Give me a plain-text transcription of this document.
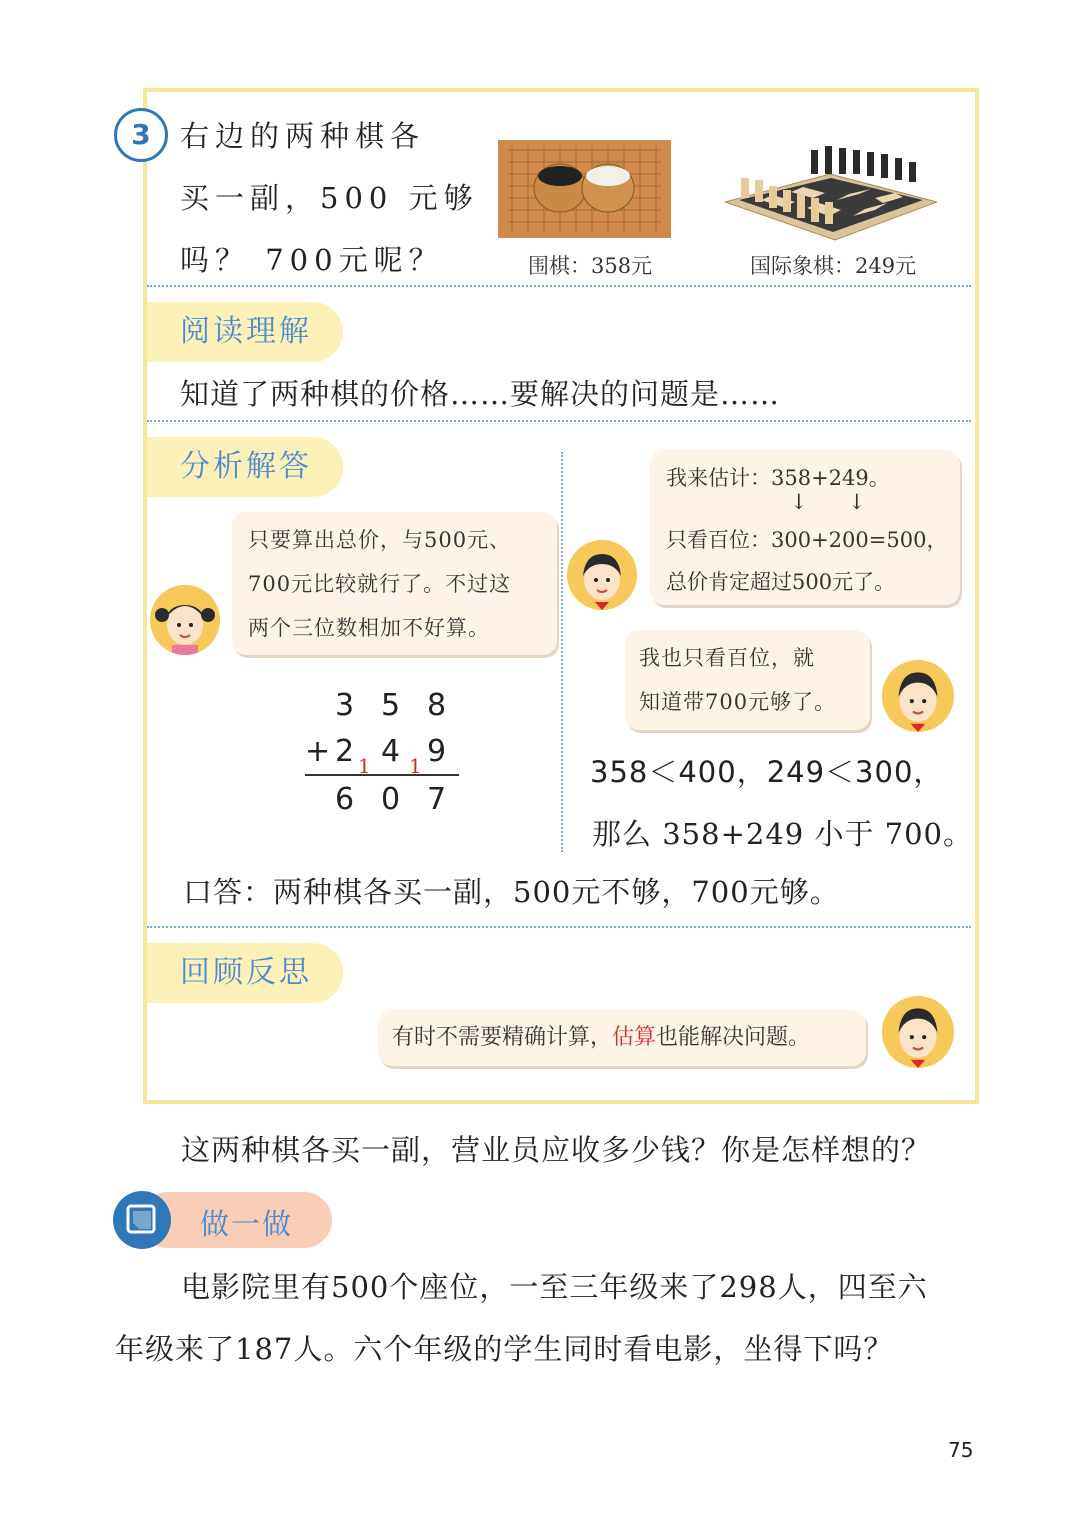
3	右边的两种棋各
买一副，500 元够
吗？ 700元呢？	围棋：358元	国际象棋：249元
阅读理解
知道了两种棋的价格……要解决的问题是……
分析解答
只要算出总价，与500元、
700元比较就行了。不过这
两个三位数相加不好算。
3 5 8
+ 2 1 4 1 9
6 0 7
我来估计：358+249。
↓ ↓
只看百位：300+200=500，
总价肯定超过500元了。
我也只看百位，就
知道带700元够了。
358＜400，249＜300，
那么 358+249 小于 700。
口答：两种棋各买一副，500元不够，700元够。
回顾反思
有时不需要精确计算，估算也能解决问题。
这两种棋各买一副，营业员应收多少钱？你是怎样想的？
做一做
电影院里有500个座位，一至三年级来了298人，四至六
年级来了187人。六个年级的学生同时看电影，坐得下吗？
75
